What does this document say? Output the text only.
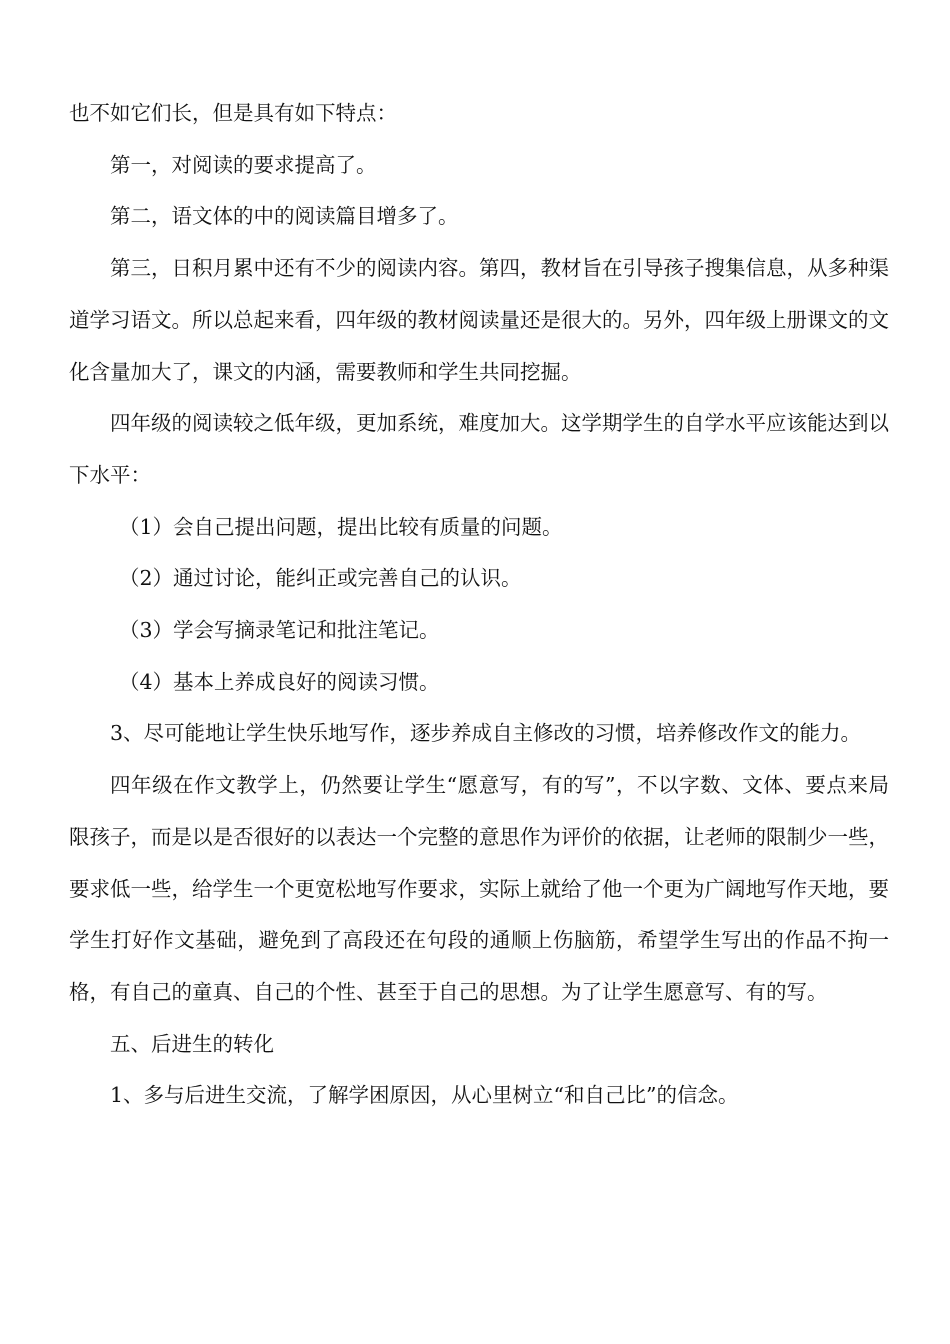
也不如它们长，但是具有如下特点：

第一，对阅读的要求提高了。

第二，语文体的中的阅读篇目增多了。

第三，日积月累中还有不少的阅读内容。第四，教材旨在引导孩子搜集信息，从多种渠道学习语文。所以总起来看，四年级的教材阅读量还是很大的。另外，四年级上册课文的文化含量加大了，课文的内涵，需要教师和学生共同挖掘。

四年级的阅读较之低年级，更加系统，难度加大。这学期学生的自学水平应该能达到以下水平：

（1）会自己提出问题，提出比较有质量的问题。

（2）通过讨论，能纠正或完善自己的认识。

（3）学会写摘录笔记和批注笔记。

（4）基本上养成良好的阅读习惯。

3、尽可能地让学生快乐地写作，逐步养成自主修改的习惯，培养修改作文的能力。

四年级在作文教学上，仍然要让学生“愿意写，有的写”，不以字数、文体、要点来局限孩子，而是以是否很好的以表达一个完整的意思作为评价的依据，让老师的限制少一些，要求低一些，给学生一个更宽松地写作要求，实际上就给了他一个更为广阔地写作天地，要学生打好作文基础，避免到了高段还在句段的通顺上伤脑筋，希望学生写出的作品不拘一格，有自己的童真、自己的个性、甚至于自己的思想。为了让学生愿意写、有的写。

五、后进生的转化

1、多与后进生交流，了解学困原因，从心里树立“和自己比”的信念。
